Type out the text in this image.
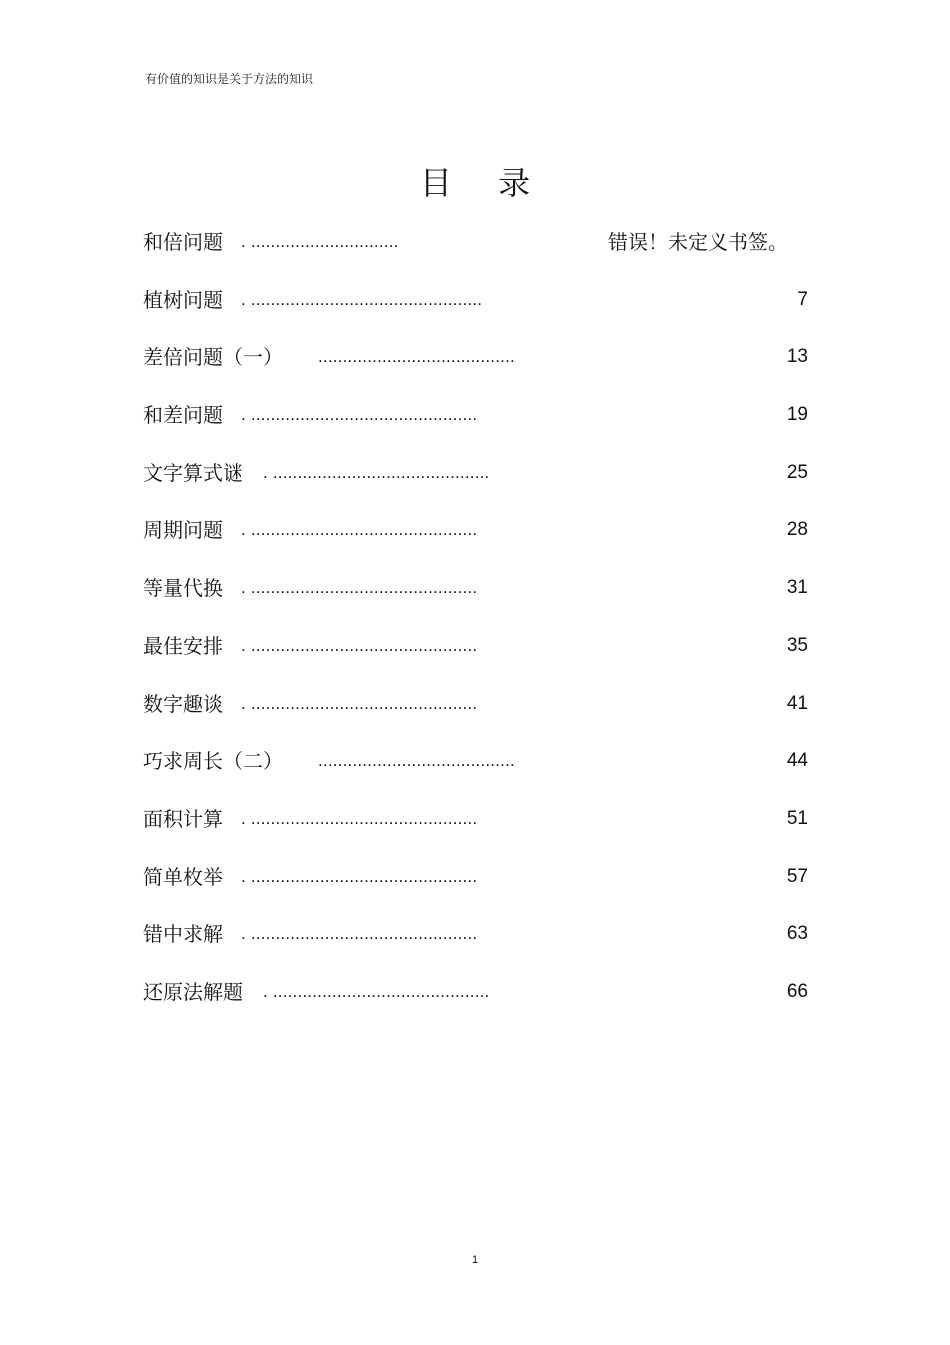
有价值的知识是关于方法的知识
目 录
和倍问题 . ..............................	错误！未定义书签。
植树问题 . ...............................................	7
差倍问题（一） ........................................	13
和差问题 . ..............................................	19
文字算式谜 . ............................................	25
周期问题 . ..............................................	28
等量代换 . ..............................................	31
最佳安排 . ..............................................	35
数字趣谈 . ..............................................	41
巧求周长（二） ........................................	44
面积计算 . ..............................................	51
简单枚举 . ..............................................	57
错中求解 . ..............................................	63
还原法解题 . ............................................	66
1
